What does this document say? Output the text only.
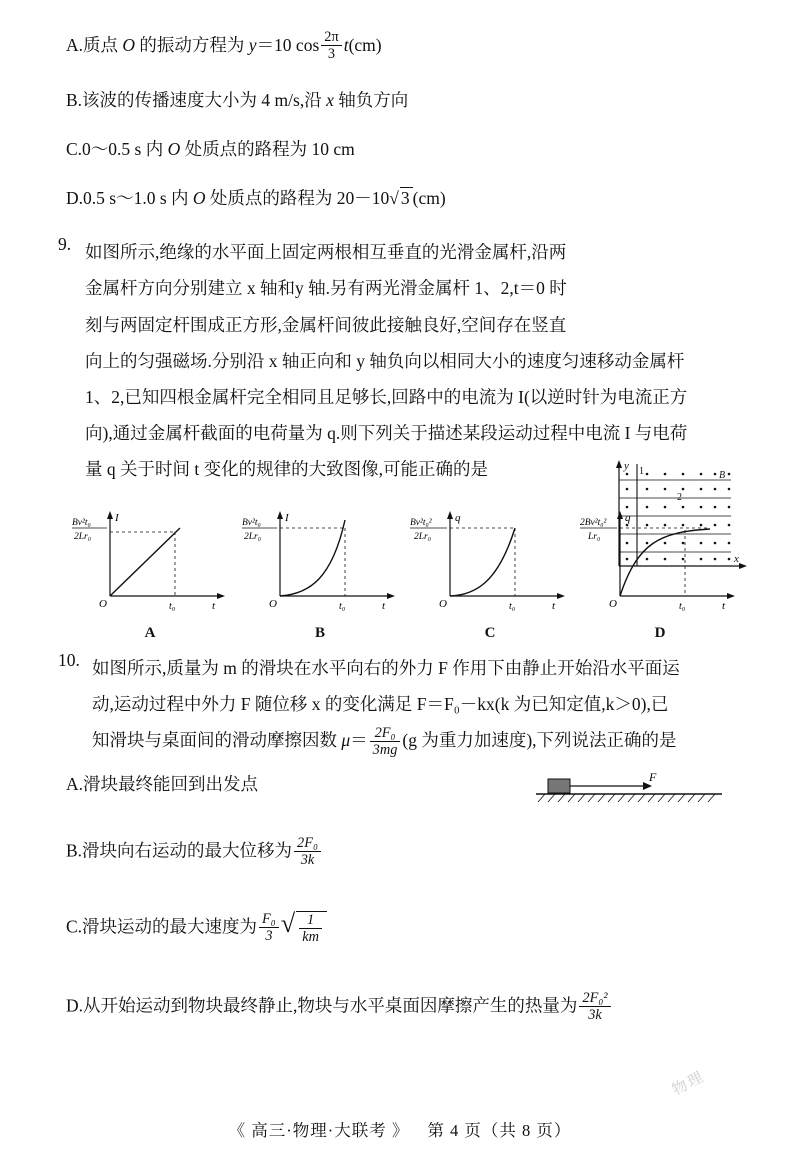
A.质点 O 的振动方程为 y＝10 $\cos \frac{2\pi}{3} t(cm)$
B.该波的传播速度大小为 4 m/s,沿 x 轴负方向
C.0～0.5 s 内 O 处质点的路程为 10 cm
D.0.5 s～1.0 s 内 O 处质点的路程为 20－10√ 3 (cm)
9.
y
x
1
2
B
如图所示,绝缘的水平面上固定两根相互垂直的光滑金属杆,沿两
金属杆方向分别建立 x 轴和y 轴.另有两光滑金属杆 1、2,t＝0 时
刻与两固定杆围成正方形,金属杆间彼此接触良好,空间存在竖直
向上的匀强磁场.分别沿 x 轴正向和 y 轴负向以相同大小的速度匀速移动金属杆
1、2,已知四根金属杆完全相同且足够长,回路中的电流为 I(以逆时针为电流正方
向),通过金属杆截面的电荷量为 q.则下列关于描述某段运动过程中电流 I 与电荷
量 q 关于时间 t 变化的规律的大致图像,可能正确的是
I
t
O
Bv²t₀
2Lr₀
t₀
A
I
t
O
Bv²t₀
2Lr₀
t₀
B
q
t
O
Bv²t₀²
2Lr₀
t₀
C
q
t
O
2Bv²t₀²
Lr₀
t₀
D
10. 如图所示,质量为 m 的滑块在水平向右的外力 F 作用下由静止开始沿水平面运
动,运动过程中外力 F 随位移 x 的变化满足 F＝F₀－kx(k 为已知定值,k＞0),已
知滑块与桌面间的滑动摩擦因数 $\mu= \frac{\text{2F₀}}{3mg} (g$ 为重力加速度),下列说法正确的是
F
A.滑块最终能回到出发点
B.滑块向右运动的最大位移为 $\frac{\text{2F₀}}{3k}$
C.滑块运动的最大速度为 $\frac{\text{F₀}}{3}$ √ $\frac{1}{km}$
D.从开始运动到物块最终静止,物块与水平桌面因摩擦产生的热量为 $\frac{\text{2F₀²}}{3k}$
物理
《 高三·物理·大联考 》 第 4 页（共 8 页）
